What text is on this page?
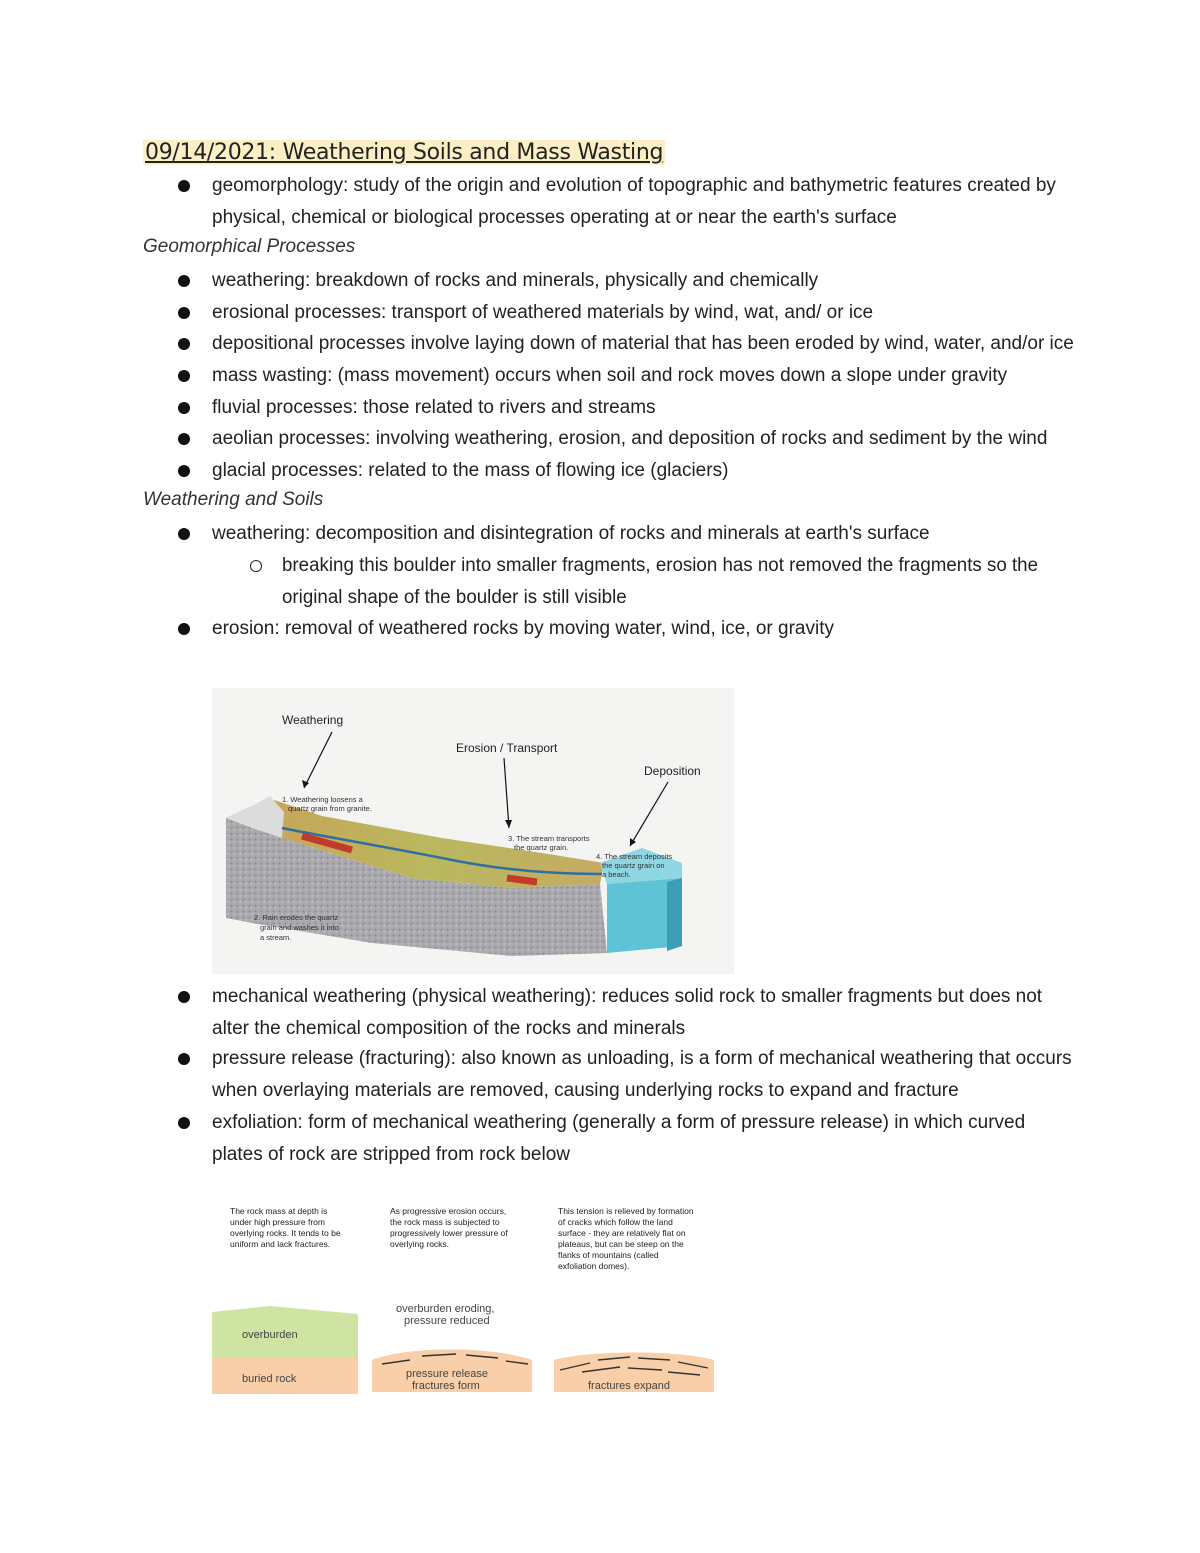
09/14/2021: Weathering Soils and Mass Wasting
geomorphology: study of the origin and evolution of topographic and bathymetric features created by
physical, chemical or biological processes operating at or near the earth's surface
Geomorphical Processes
weathering: breakdown of rocks and minerals, physically and chemically
erosional processes: transport of weathered materials by wind, wat, and/ or ice
depositional processes involve laying down of material that has been eroded by wind, water, and/or ice
mass wasting: (mass movement) occurs when soil and rock moves down a slope under gravity
fluvial processes: those related to rivers and streams
aeolian processes: involving weathering, erosion, and deposition of rocks and sediment by the wind
glacial processes: related to the mass of flowing ice (glaciers)
Weathering and Soils
weathering: decomposition and disintegration of rocks and minerals at earth's surface
breaking this boulder into smaller fragments, erosion has not removed the fragments so the
original shape of the boulder is still visible
erosion: removal of weathered rocks by moving water, wind, ice, or gravity
Weathering
Erosion / Transport
Deposition
1. Weathering loosens a
quartz grain from granite.
3. The stream transports
the quartz grain.
4. The stream deposits
the quartz grain on
a beach.
2. Rain erodes the quartz
grain and washes it into
a stream.
mechanical weathering (physical weathering): reduces solid rock to smaller fragments but does not
alter the chemical composition of the rocks and minerals
pressure release (fracturing): also known as unloading, is a form of mechanical weathering that occurs
when overlaying materials are removed, causing underlying rocks to expand and fracture
exfoliation: form of mechanical weathering (generally a form of pressure release) in which curved
plates of rock are stripped from rock below
The rock mass at depth is
under high pressure from
overlying rocks. It tends to be
uniform and lack fractures.
As progressive erosion occurs,
the rock mass is subjected to
progressively lower pressure of
overlying rocks.
This tension is relieved by formation
of cracks which follow the land
surface - they are relatively flat on
plateaus, but can be steep on the
flanks of mountains (called
exfoliation domes).
overburden
buried rock
overburden eroding,
pressure reduced
pressure release
fractures form	fractures expand
